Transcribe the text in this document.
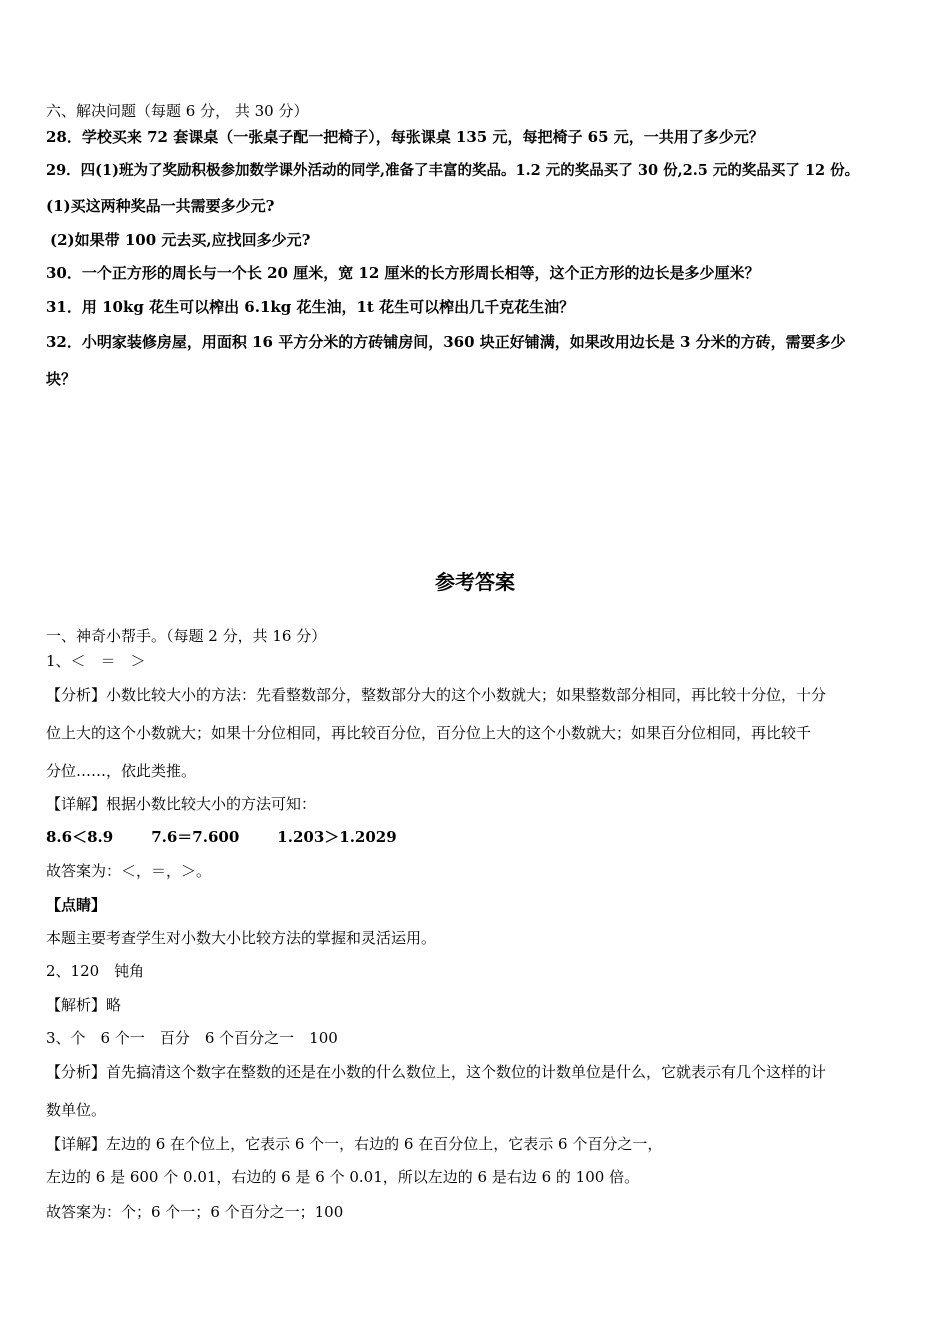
六、解决问题（每题 6 分， 共 30 分）
28．学校买来 72 套课桌（一张桌子配一把椅子），每张课桌 135 元，每把椅子 65 元，一共用了多少元？
29．四(1)班为了奖励积极参加数学课外活动的同学,准备了丰富的奖品。1.2 元的奖品买了 30 份,2.5 元的奖品买了 12 份。
(1)买这两种奖品一共需要多少元?
(2)如果带 100 元去买,应找回多少元?
30．一个正方形的周长与一个长 20 厘米，宽 12 厘米的长方形周长相等，这个正方形的边长是多少厘米？
31．用 10kg 花生可以榨出 6.1kg 花生油，1t 花生可以榨出几千克花生油？
32．小明家装修房屋，用面积 16 平方分米的方砖铺房间，360 块正好铺满，如果改用边长是 3 分米的方砖，需要多少
块？
参考答案
一、神奇小帮手。（每题 2 分，共 16 分）
1、＜　＝　＞
【分析】小数比较大小的方法：先看整数部分，整数部分大的这个小数就大；如果整数部分相同，再比较十分位，十分
位上大的这个小数就大；如果十分位相同，再比较百分位，百分位上大的这个小数就大；如果百分位相同，再比较千
分位……，依此类推。
【详解】根据小数比较大小的方法可知：
8.6＜8.9	7.6＝7.600	1.203＞1.2029
故答案为：＜，＝，＞。
【点睛】
本题主要考查学生对小数大小比较方法的掌握和灵活运用。
2、120　钝角
【解析】略
3、个　6 个一　百分　6 个百分之一　100
【分析】首先搞清这个数字在整数的还是在小数的什么数位上，这个数位的计数单位是什么，它就表示有几个这样的计
数单位。
【详解】左边的 6 在个位上，它表示 6 个一，右边的 6 在百分位上，它表示 6 个百分之一，
左边的 6 是 600 个 0.01，右边的 6 是 6 个 0.01，所以左边的 6 是右边 6 的 100 倍。
故答案为：个；6 个一；6 个百分之一；100
